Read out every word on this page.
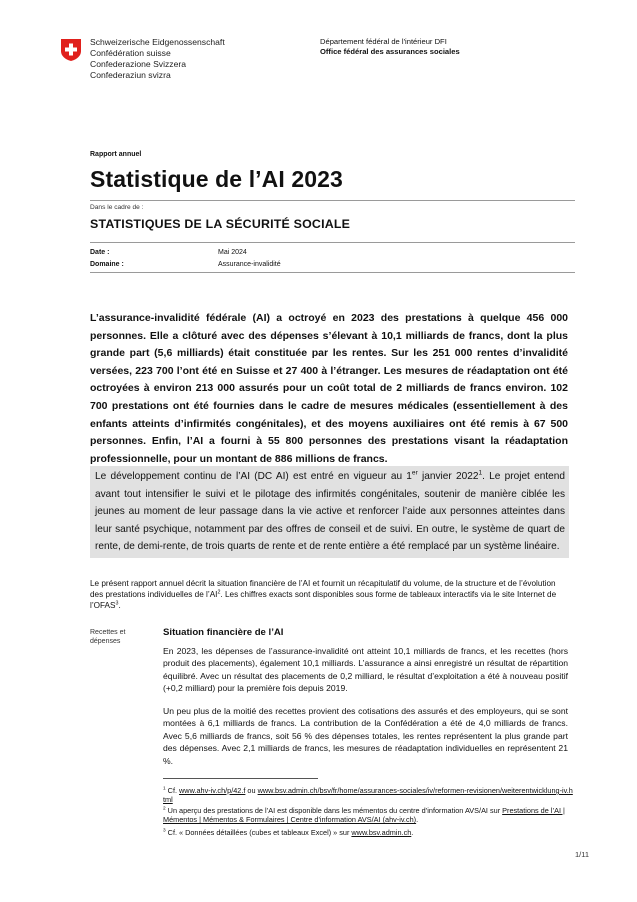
Schweizerische Eidgenossenschaft
Confédération suisse
Confederazione Svizzera
Confederaziun svizra
Département fédéral de l'intérieur DFI
Office fédéral des assurances sociales
Rapport annuel
Statistique de l’AI 2023
Dans le cadre de :
STATISTIQUES DE LA SÉCURITÉ SOCIALE
Date :	Mai 2024
Domaine :	Assurance-invalidité
L’assurance-invalidité fédérale (AI) a octroyé en 2023 des prestations à quelque 456 000 personnes. Elle a clôturé avec des dépenses s’élevant à 10,1 milliards de francs, dont la plus grande part (5,6 milliards) était constituée par les rentes. Sur les 251 000 rentes d’invalidité versées, 223 700 l’ont été en Suisse et 27 400 à l’étranger. Les mesures de réadaptation ont été octroyées à environ 213 000 assurés pour un coût total de 2 milliards de francs environ. 102 700 prestations ont été fournies dans le cadre de mesures médicales (essentiellement à des enfants atteints d’infirmités congénitales), et des moyens auxiliaires ont été remis à 67 500 personnes. Enfin, l’AI a fourni à 55 800 personnes des prestations visant la réadaptation professionnelle, pour un montant de 886 millions de francs.
Le développement continu de l’AI (DC AI) est entré en vigueur au 1er janvier 2022$^1$. Le projet entend avant tout intensifier le suivi et le pilotage des infirmités congénitales, soutenir de manière ciblée les jeunes au moment de leur passage dans la vie active et renforcer l’aide aux personnes atteintes dans leur santé psychique, notamment par des offres de conseil et de suivi. En outre, le système de quart de rente, de demi-rente, de trois quarts de rente et de rente entière a été remplacé par un système linéaire.
Le présent rapport annuel décrit la situation financière de l’AI et fournit un récapitulatif du volume, de la structure et de l’évolution des prestations individuelles de $l’AI^2$. Les chiffres exacts sont disponibles sous forme de tableaux interactifs via le site Internet de l’OFAS$^3$.
Recettes et
dépenses
Situation financière de l’AI
En 2023, les dépenses de l’assurance-invalidité ont atteint 10,1 milliards de francs, et les recettes (hors produit des placements), également 10,1 milliards. L’assurance a ainsi enregistré un résultat de répartition équilibré. Avec un résultat des placements de 0,2 milliard, le résultat d’exploitation a été à nouveau positif (+0,2 milliard) pour la première fois depuis 2019.
Un peu plus de la moitié des recettes provient des cotisations des assurés et des employeurs, qui se sont montées à 6,1 milliards de francs. La contribution de la Confédération a été de 4,0 milliards de francs. Avec 5,6 milliards de francs, soit 56 % des dépenses totales, les rentes représentent la plus grande part des dépenses. Avec 2,1 milliards de francs, les mesures de réadaptation individuelles en représentent 21 %.
$^1$ Cf. www.ahv-iv.ch/p/42.f ou www.bsv.admin.ch/bsv/fr/home/assurances-sociales/iv/reformen-revisionen/weiterentwicklung-iv.html
$^2$ Un aperçu des prestations de l’AI est disponible dans les mémentos du centre d’information AVS/AI sur Prestations de l’AI | Mémentos | Mémentos & Formulaires | Centre d'information AVS/AI (ahv-iv.ch).
$^3$ Cf. « Données détaillées (cubes et tableaux Excel) » sur www.bsv.admin.ch.
1/11
